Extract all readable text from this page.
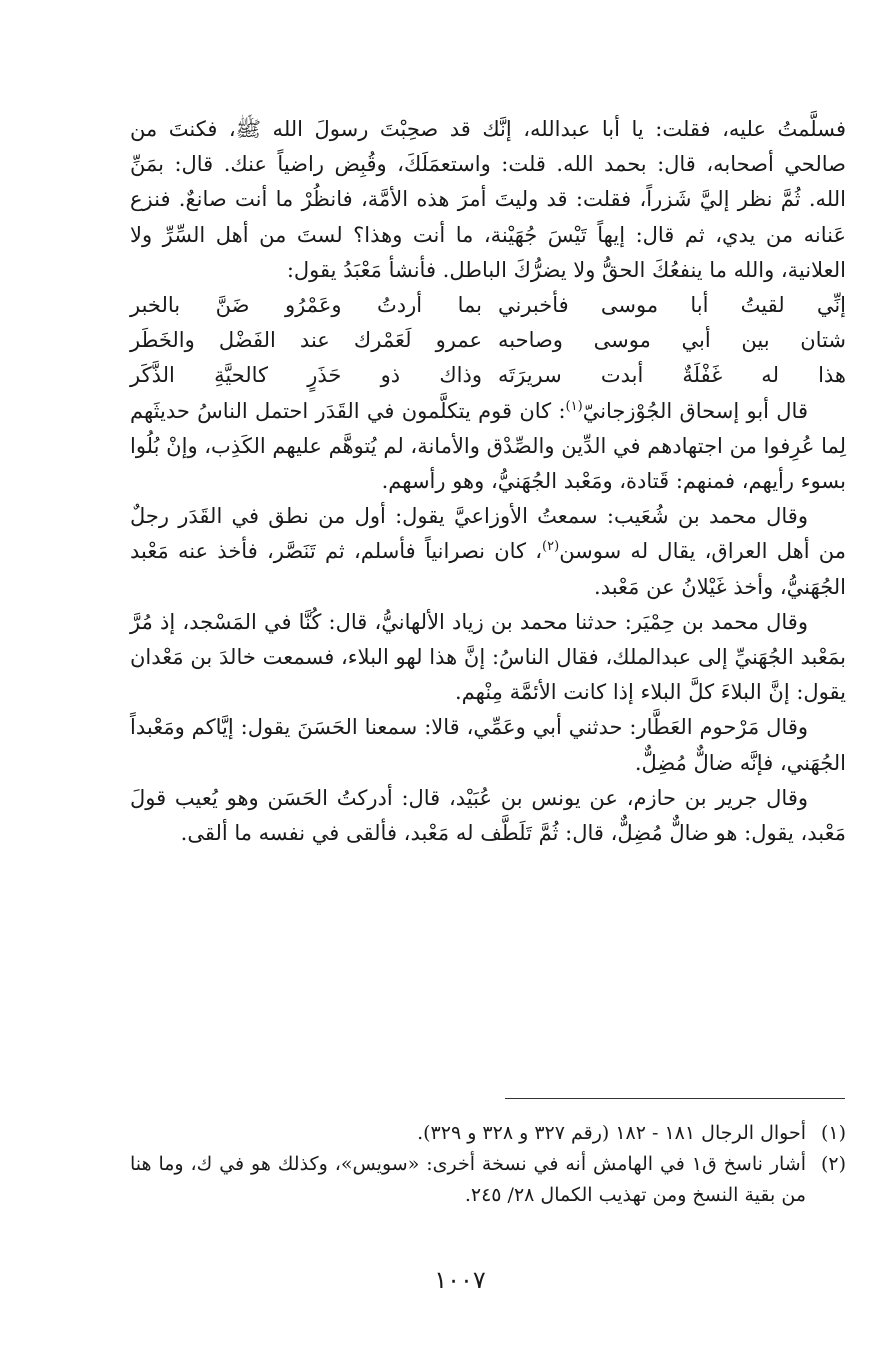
فسلَّمتُ عليه، فقلت: يا أبا عبدالله، إنَّك قد صحِبْتَ رسولَ الله ﷺ، فكنتَ من صالحي أصحابه، قال: بحمد الله. قلت: واستعمَلَكَ، وقُبِض راضياً عنك. قال: بمَنِّ الله. ثُمَّ نظر إليَّ شَزراً، فقلت: قد وليتَ أمرَ هذه الأمَّة، فانظُرْ ما أنت صانعٌ. فنزع عَنانه من يدي، ثم قال: إيهاً تَيْسَ جُهَيْنة، ما أنت وهذا؟ لستَ من أهل السِّرِّ ولا العلانية، والله ما ينفعُكَ الحقُّ ولا يضرُّكَ الباطل. فأنشأ مَعْبَدُ يقول:

إنِّي لقيتُ أبا موسى فأخبرني
بما أردتُ وعَمْرُو ضَنَّ بالخبر
شتان بين أبي موسى وصاحبه
عمرو لَعَمْرك عند الفَضْل والخَطَر
هذا له غَفْلَةٌ أبدت سريرَتَه
وذاك ذو حَذَرٍ كالحيَّةِ الذَّكَر

قال أبو إسحاق الجُوْزجانيّ$^{(١)}$: كان قوم يتكلَّمون في القَدَر احتمل الناسُ حديثَهم لِما عُرِفوا من اجتهادهم في الدِّين والصِّدْق والأمانة، لم يُتوهَّم عليهم الكَذِب، وإنْ بُلُوا بسوء رأيهم، فمنهم: قَتادة، ومَعْبد الجُهَنيُّ، وهو رأسهم.

وقال محمد بن شُعَيب: سمعتُ الأوزاعيَّ يقول: أول من نطق في القَدَر رجلٌ من أهل العراق، يقال له سوسن$^{(٢)}$، كان نصرانياً فأسلم، ثم تَنَصَّر، فأخذ عنه مَعْبد الجُهَنيُّ، وأخذ غَيْلانُ عن مَعْبد.

وقال محمد بن حِمْيَر: حدثنا محمد بن زياد الألهانيُّ، قال: كُنَّا في المَسْجد، إذ مُرَّ بمَعْبد الجُهَنيِّ إلى عبدالملك، فقال الناسُ: إنَّ هذا لهو البلاء، فسمعت خالدَ بن مَعْدان يقول: إنَّ البلاءَ كلَّ البلاء إذا كانت الأئمَّة مِنْهم.

وقال مَرْحوم العَطَّار: حدثني أبي وعَمِّي، قالا: سمعنا الحَسَنَ يقول: إيَّاكم ومَعْبداً الجُهَني، فإنَّه ضالٌّ مُضِلٌّ.

وقال جرير بن حازم، عن يونس بن عُبَيْد، قال: أدركتُ الحَسَن وهو يُعيب قولَ مَعْبد، يقول: هو ضالٌّ مُضِلٌّ، قال: ثُمَّ تَلَطَّف له مَعْبد، فألقى في نفسه ما ألقى.

(١)
أحوال الرجال ١٨١ - ١٨٢ (رقم ٣٢٧ و ٣٢٨ و ٣٢٩).
(٢)
أشار ناسخ ق١ في الهامش أنه في نسخة أخرى: «سويس»، وكذلك هو في ك، وما هنا من بقية النسخ ومن تهذيب الكمال ٢٨/ ٢٤٥.
١٠٠٧
